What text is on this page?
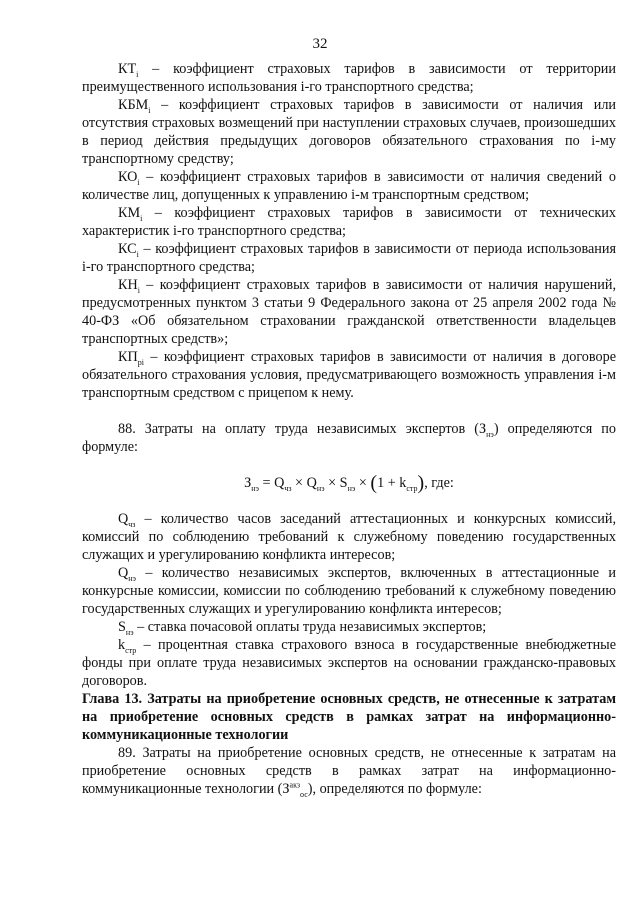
32

$КТ_i$ – коэффициент страховых тарифов в зависимости от территории преимущественного использования i-го транспортного средства;

$КБМ_i$ – коэффициент страховых тарифов в зависимости от наличия или отсутствия страховых возмещений при наступлении страховых случаев, произошедших в период действия предыдущих договоров обязательного страхования по i-му транспортному средству;

$КО_i$ – коэффициент страховых тарифов в зависимости от наличия сведений о количестве лиц, допущенных к управлению i-м транспортным средством;

$КМ_i$ – коэффициент страховых тарифов в зависимости от технических характеристик i-го транспортного средства;

$КС_i$ – коэффициент страховых тарифов в зависимости от периода использования i-го транспортного средства;

$КН_i$ – коэффициент страховых тарифов в зависимости от наличия нарушений, предусмотренных пунктом 3 статьи 9 Федерального закона от 25 апреля 2002 года № 40-ФЗ «Об обязательном страховании гражданской ответственности владельцев транспортных средств»;

$КП_{pi}$ – коэффициент страховых тарифов в зависимости от наличия в договоре обязательного страхования условия, предусматривающего возможность управления i-м транспортным средством с прицепом к нему.

88. Затраты на оплату труда независимых экспертов $(З_{нэ})$ определяются по формуле:

$З_{нэ} = Q_{чз} \times Q_{нэ} \times S_{нэ} \times (1 + k_{стр})$, где:

$Q_{чз}$ – количество часов заседаний аттестационных и конкурсных комиссий, комиссий по соблюдению требований к служебному поведению государственных служащих и урегулированию конфликта интересов;

$Q_{нэ}$ – количество независимых экспертов, включенных в аттестационные и конкурсные комиссии, комиссии по соблюдению требований к служебному поведению государственных служащих и урегулированию конфликта интересов;

$S_{нэ}$ – ставка почасовой оплаты труда независимых экспертов;

$k_{стр}$ – процентная ставка страхового взноса в государственные внебюджетные фонды при оплате труда независимых экспертов на основании гражданско-правовых договоров.

Глава 13. Затраты на приобретение основных средств, не отнесенные к затратам на приобретение основных средств в рамках затрат на информационно-коммуникационные технологии

89. Затраты на приобретение основных средств, не отнесенные к затратам на приобретение основных средств в рамках затрат на информационно-коммуникационные технологии $(З^{акз}_{ос})$, определяются по формуле:
